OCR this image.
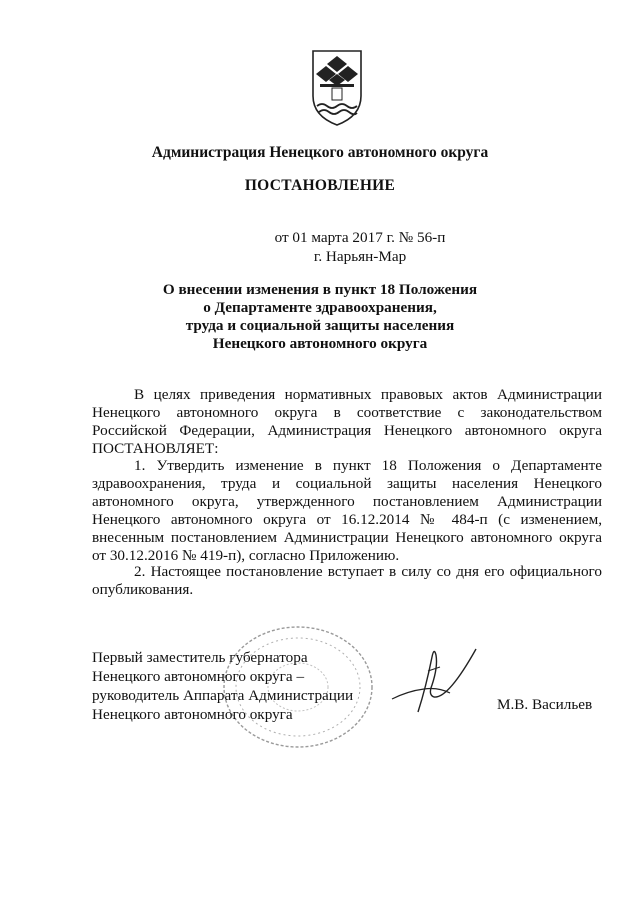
Администрация Ненецкого автономного округа
ПОСТАНОВЛЕНИЕ
от 01 марта 2017 г. № 56-п
г. Нарьян-Мар
О внесении изменения в пункт 18 Положения
о Департаменте здравоохранения,
труда и социальной защиты населения
Ненецкого автономного округа
В целях приведения нормативных правовых актов Администрации
Ненецкого автономного округа в соответствие с законодательством
Российской Федерации, Администрация Ненецкого автономного округа
ПОСТАНОВЛЯЕТ:
1. Утвердить изменение в пункт 18 Положения о Департаменте
здравоохранения, труда и социальной защиты населения Ненецкого
автономного округа, утвержденного постановлением Администрации
Ненецкого автономного округа от 16.12.2014 № 484-п (с изменением,
внесенным постановлением Администрации Ненецкого автономного округа
от 30.12.2016 № 419-п), согласно Приложению.
2. Настоящее постановление вступает в силу со дня его официального
опубликования.
Первый заместитель губернатора
Ненецкого автономного округа –
руководитель Аппарата Администрации
Ненецкого автономного округа
М.В. Васильев
